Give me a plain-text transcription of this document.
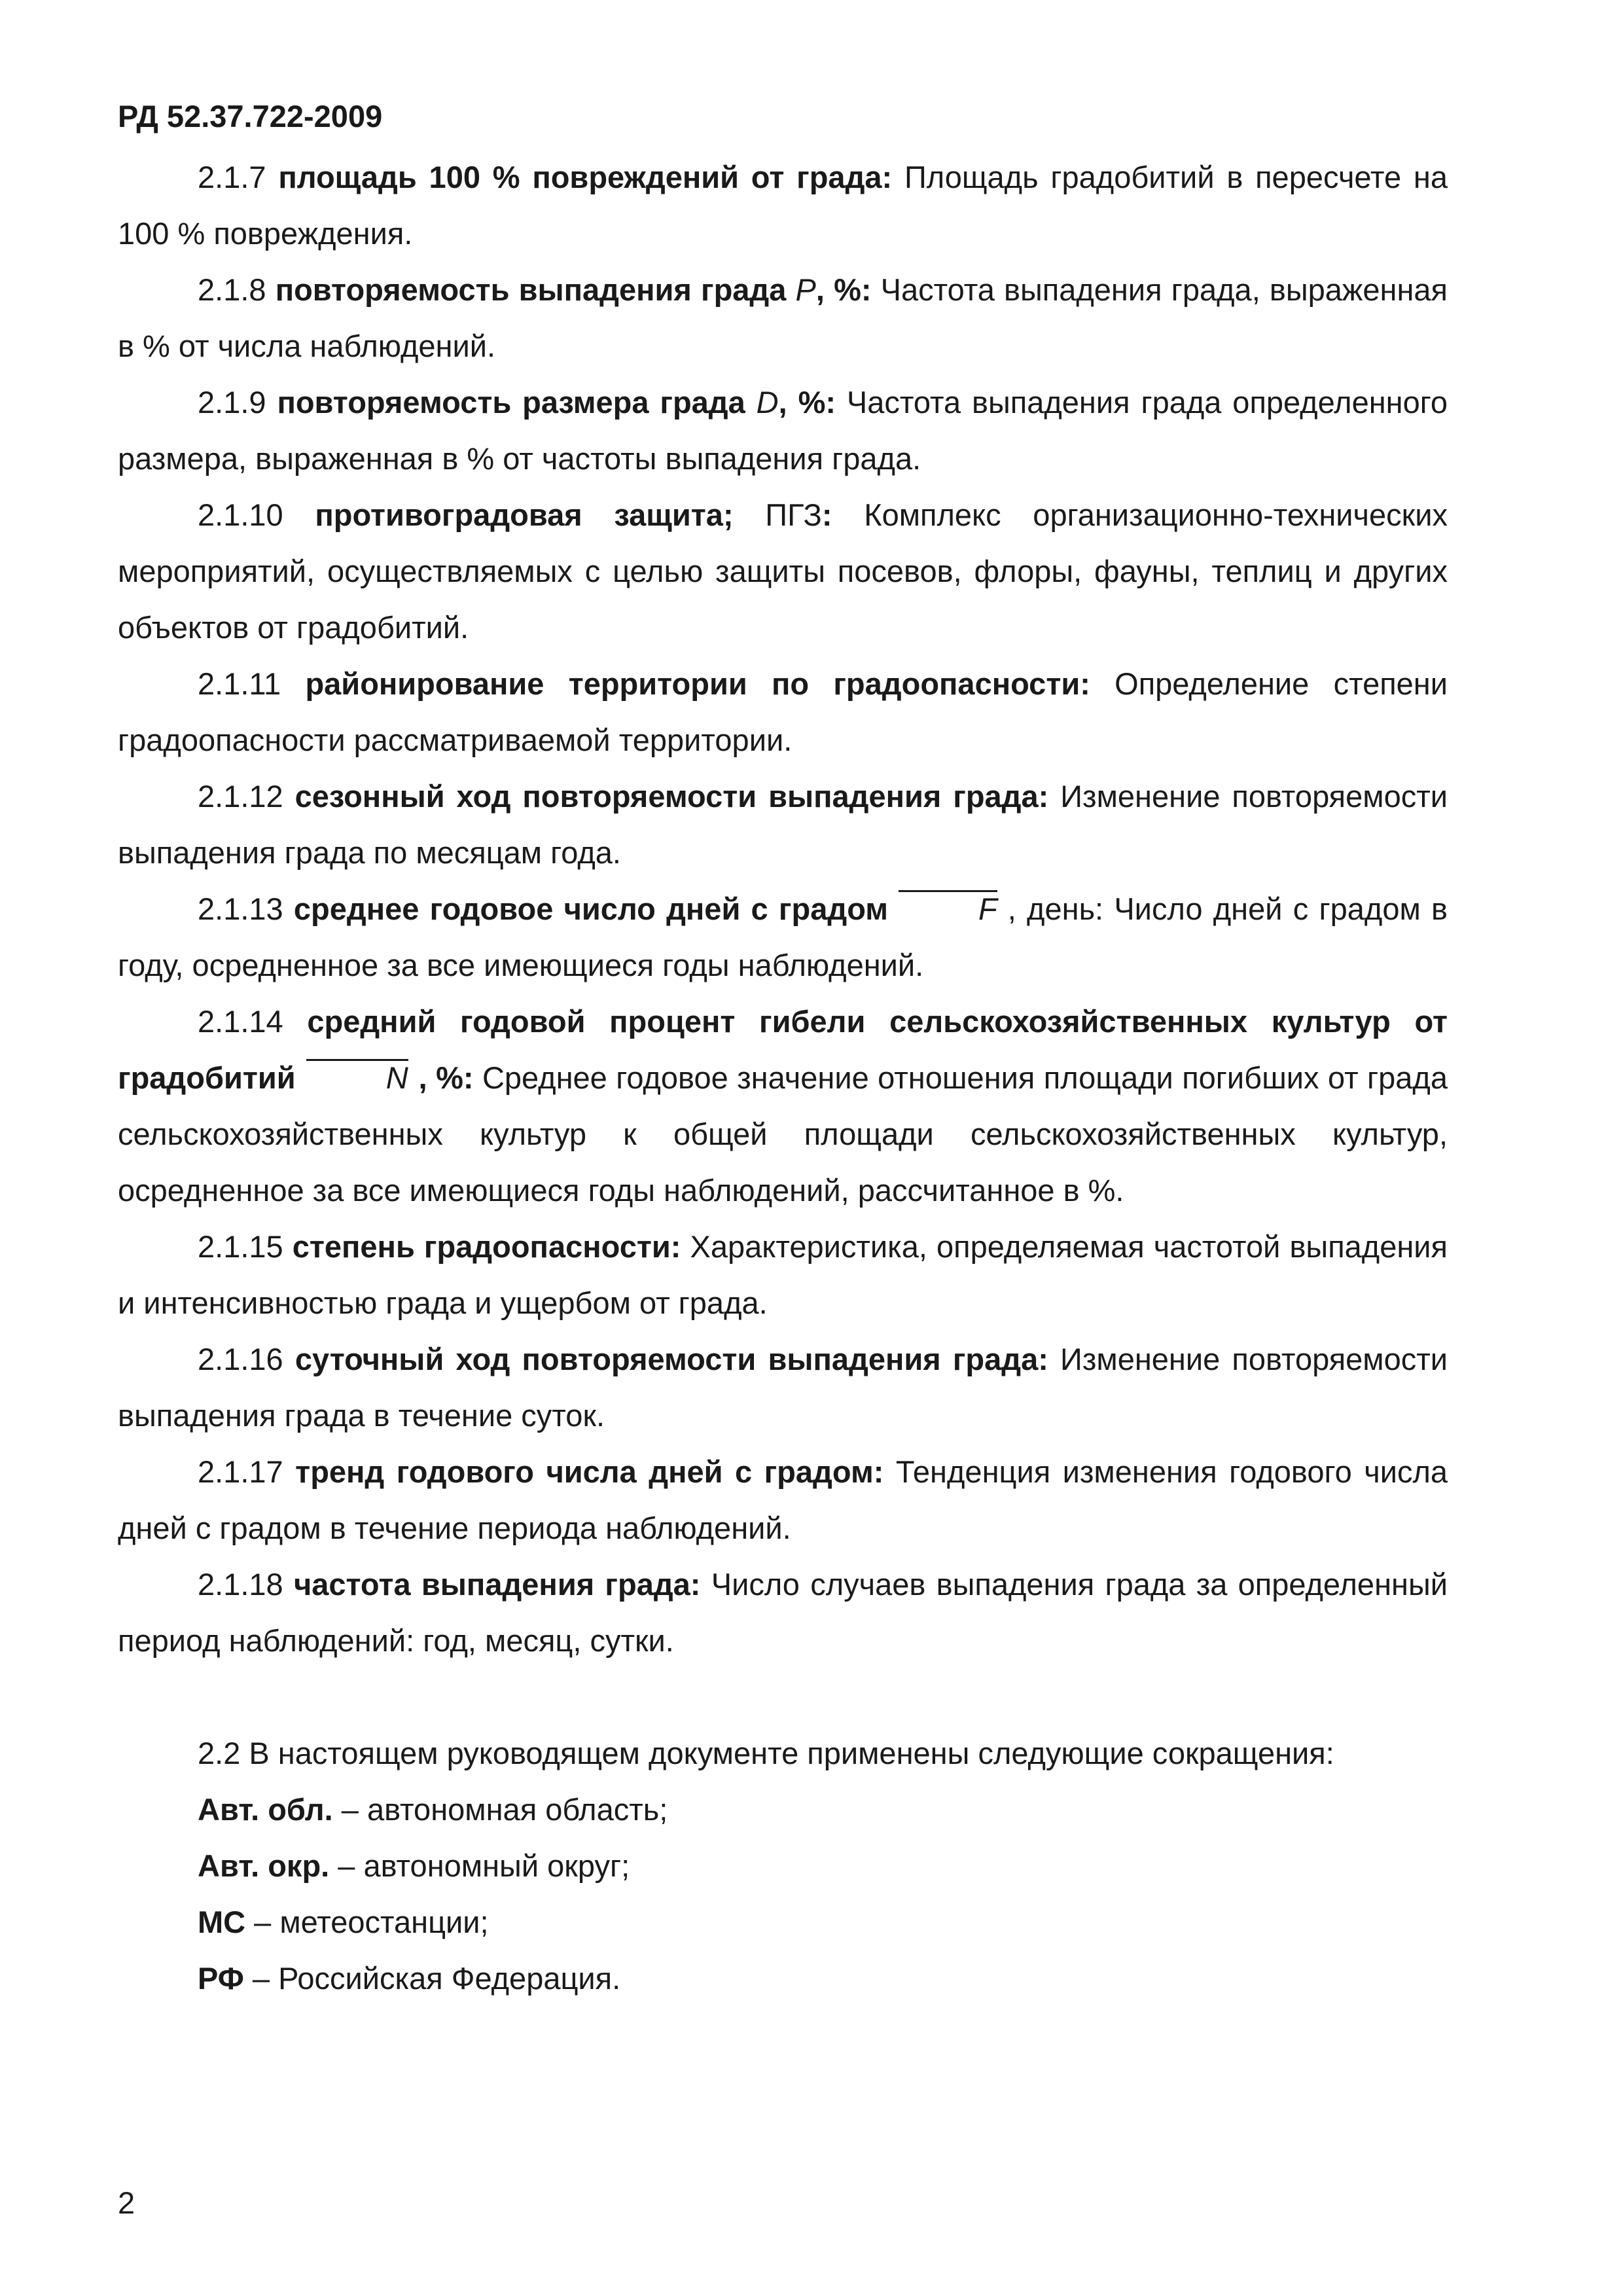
РД 52.37.722-2009

2.1.7 площадь 100 % повреждений от града: Площадь градобитий в пересчете на 100 % повреждения.

2.1.8 повторяемость выпадения града P, %: Частота выпадения града, выраженная в % от числа наблюдений.

2.1.9 повторяемость размера града D, %: Частота выпадения града определенного размера, выраженная в % от частоты выпадения града.

2.1.10 противоградовая защита; ПГЗ: Комплекс организационно-технических мероприятий, осуществляемых с целью защиты посевов, флоры, фауны, теплиц и других объектов от градобитий.

2.1.11 районирование территории по градоопасности: Определение степени градоопасности рассматриваемой территории.

2.1.12 сезонный ход повторяемости выпадения града: Изменение повторяемости выпадения града по месяцам года.

2.1.13 среднее годовое число дней с градом	F , день: Число дней с градом в году, осредненное за все имеющиеся годы наблюдений.

2.1.14 средний годовой процент гибели сельскохозяйственных культур от градобитий	N , %: Среднее годовое значение отношения площади погибших от града сельскохозяйственных культур к общей площади сельскохозяйственных культур, осредненное за все имеющиеся годы наблюдений, рассчитанное в %.

2.1.15 степень градоопасности: Характеристика, определяемая частотой выпадения и интенсивностью града и ущербом от града.

2.1.16 суточный ход повторяемости выпадения града: Изменение повторяемости выпадения града в течение суток.

2.1.17 тренд годового числа дней с градом: Тенденция изменения годового числа дней с градом в течение периода наблюдений.

2.1.18 частота выпадения града: Число случаев выпадения града за определенный период наблюдений: год, месяц, сутки.

2.2 В настоящем руководящем документе применены следующие сокращения:

Авт. обл. – автономная область;

Авт. окр. – автономный округ;

МС – метеостанции;

РФ – Российская Федерация.

2
